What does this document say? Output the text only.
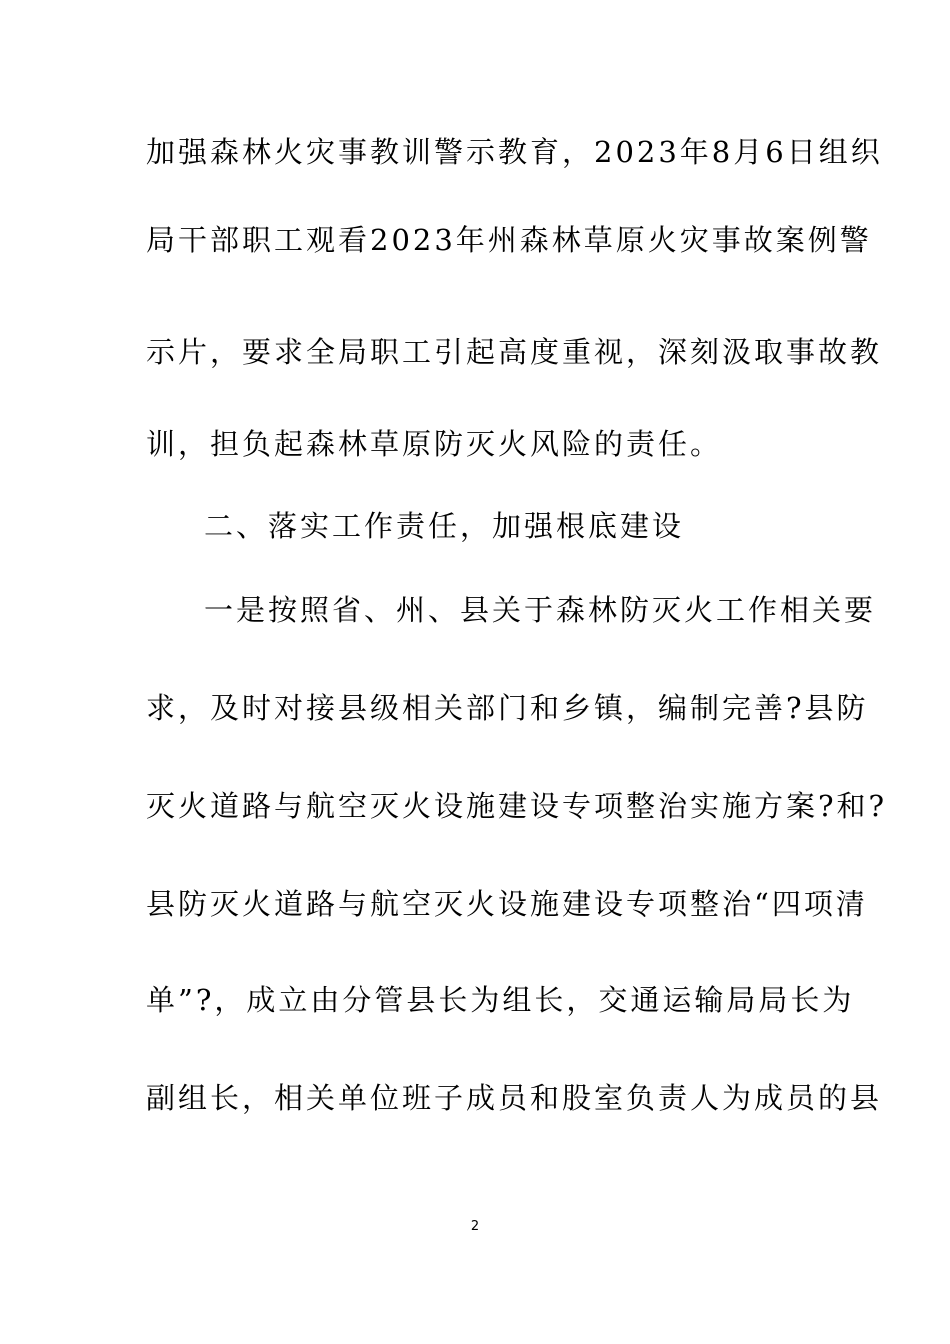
加强森林火灾事教训警示教育，2023年8月6日组织
局干部职工观看2023年州森林草原火灾事故案例警
示片，要求全局职工引起高度重视，深刻汲取事故教
训，担负起森林草原防灭火风险的责任。
二、落实工作责任，加强根底建设
一是按照省、州、县关于森林防灭火工作相关要
求，及时对接县级相关部门和乡镇，编制完善?县防
灭火道路与航空灭火设施建设专项整治实施方案?和?
县防灭火道路与航空灭火设施建设专项整治“四项清
单”?，成立由分管县长为组长，交通运输局局长为
副组长，相关单位班子成员和股室负责人为成员的县
2
